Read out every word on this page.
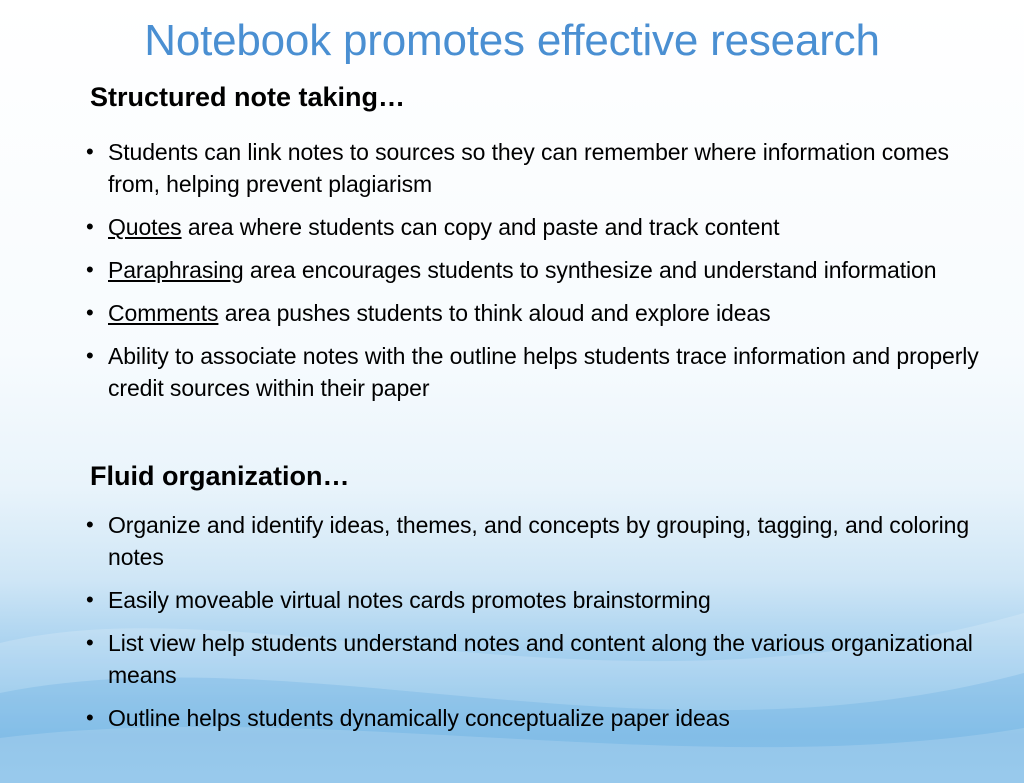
Notebook promotes effective research
Structured note taking…
• Students can link notes to sources so they can remember where information comes from, helping prevent plagiarism
• Quotes area where students can copy and paste and track content
• Paraphrasing area encourages students to synthesize and understand information
• Comments area pushes students to think aloud and explore ideas
• Ability to associate notes with the outline helps students trace information and properly credit sources within their paper
Fluid organization…
• Organize and identify ideas, themes, and concepts by grouping, tagging, and coloring notes
• Easily moveable virtual notes cards promotes brainstorming
• List view help students understand notes and content along the various organizational means
• Outline helps students dynamically conceptualize paper ideas
